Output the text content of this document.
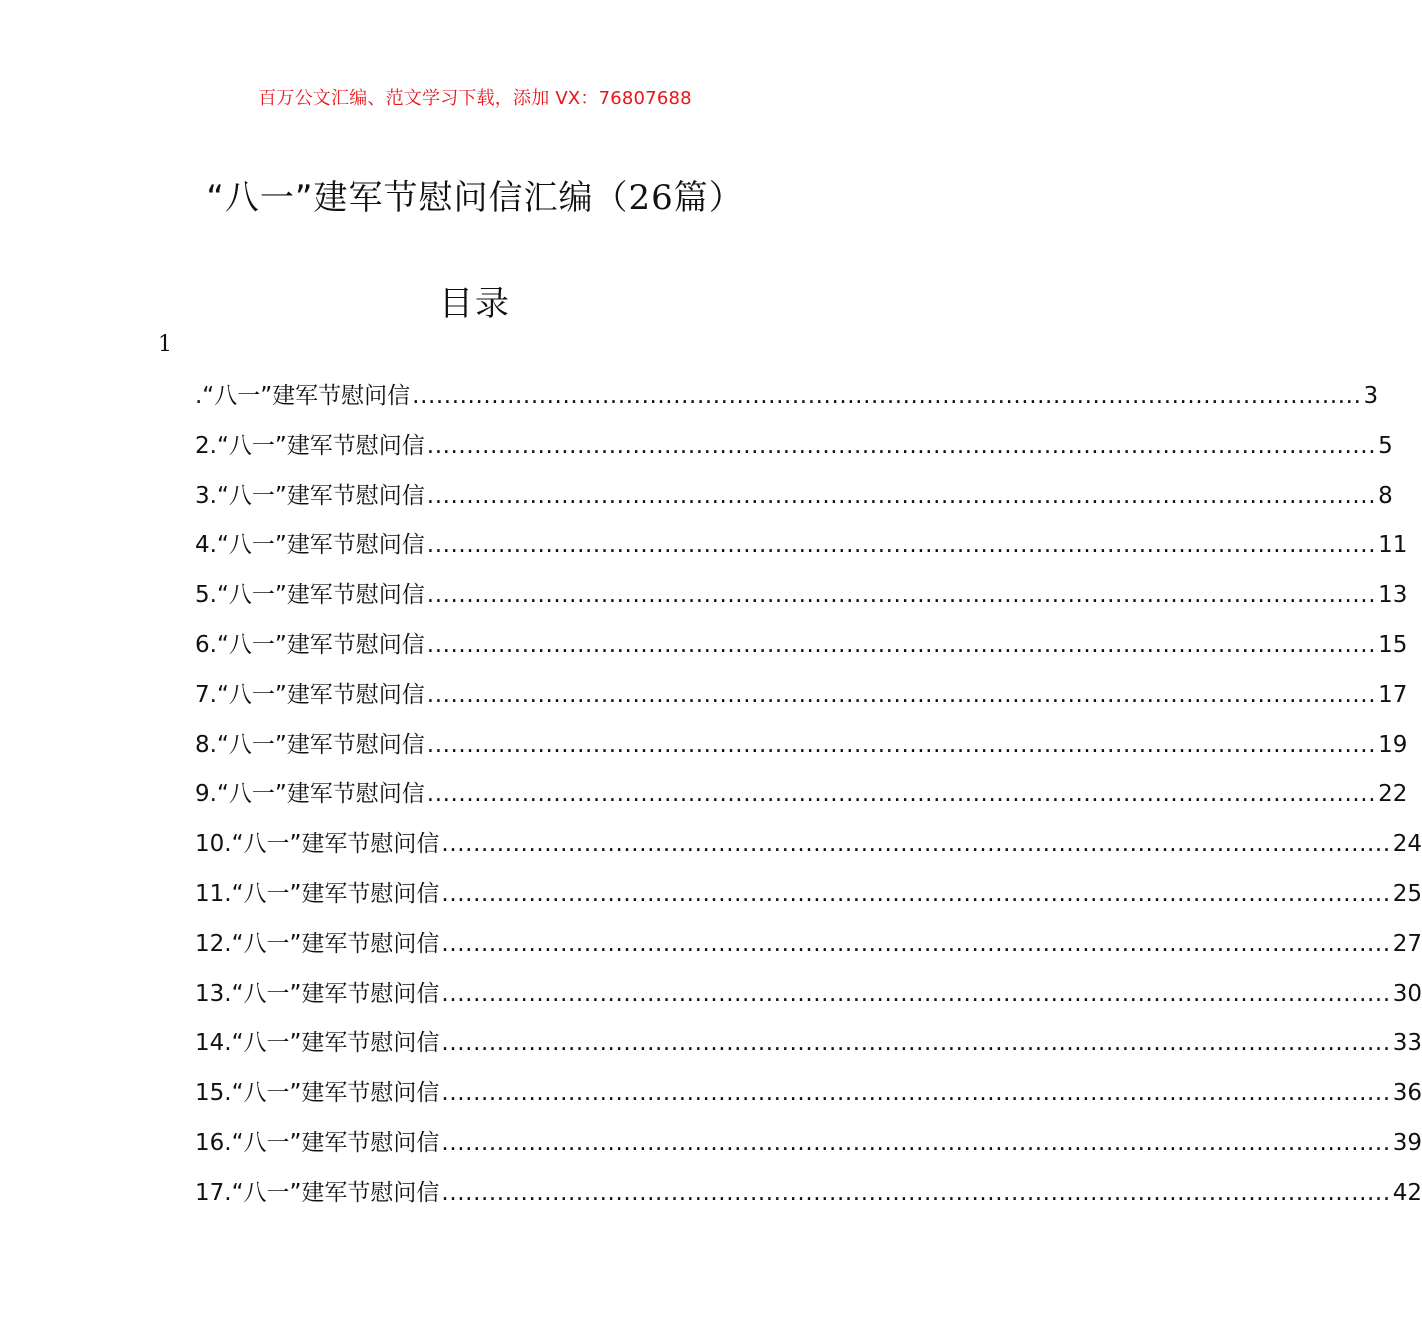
百万公文汇编、范文学习下载，添加 VX：76807688
“八一”建军节慰问信汇编（26篇）
目录
1
.“八一”建军节慰问信 ........................................................................................................................ 3
2.“八一”建军节慰问信 ........................................................................................................................ 5
3.“八一”建军节慰问信 ........................................................................................................................ 8
4.“八一”建军节慰问信 ........................................................................................................................ 11
5.“八一”建军节慰问信 ........................................................................................................................ 13
6.“八一”建军节慰问信 ........................................................................................................................ 15
7.“八一”建军节慰问信 ........................................................................................................................ 17
8.“八一”建军节慰问信 ........................................................................................................................ 19
9.“八一”建军节慰问信 ........................................................................................................................ 22
10.“八一”建军节慰问信 ........................................................................................................................ 24
11.“八一”建军节慰问信 ........................................................................................................................ 25
12.“八一”建军节慰问信 ........................................................................................................................ 27
13.“八一”建军节慰问信 ........................................................................................................................ 30
14.“八一”建军节慰问信 ........................................................................................................................ 33
15.“八一”建军节慰问信 ........................................................................................................................ 36
16.“八一”建军节慰问信 ........................................................................................................................ 39
17.“八一”建军节慰问信 ........................................................................................................................ 42
